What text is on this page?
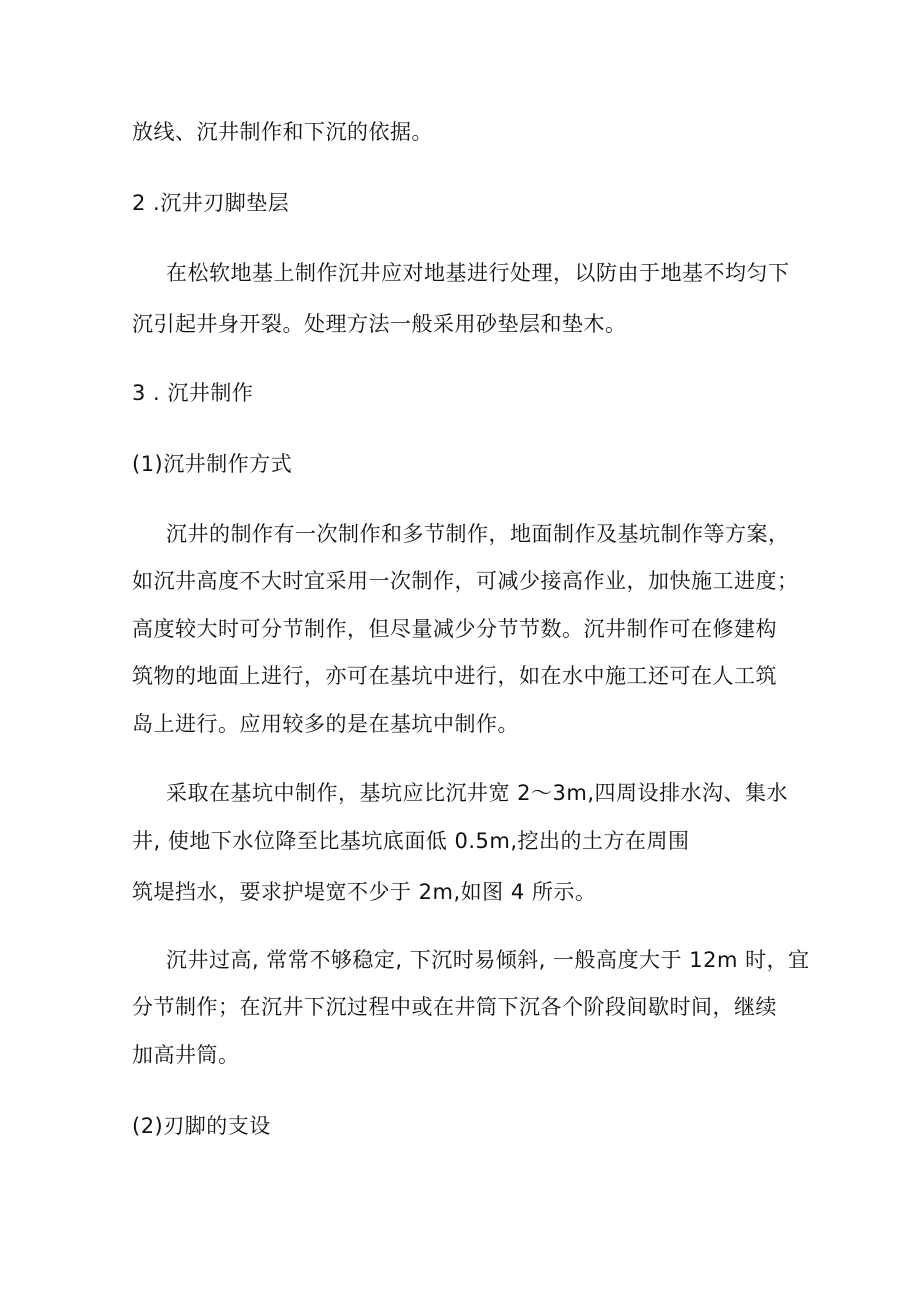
放线、沉井制作和下沉的依据。
2 .沉井刃脚垫层
在松软地基上制作沉井应对地基进行处理，以防由于地基不均匀下
沉引起井身开裂。处理方法一般采用砂垫层和垫木。
3 . 沉井制作
(1)沉井制作方式
沉井的制作有一次制作和多节制作，地面制作及基坑制作等方案，
如沉井高度不大时宜采用一次制作，可减少接高作业，加快施工进度；
高度较大时可分节制作，但尽量减少分节节数。沉井制作可在修建构
筑物的地面上进行，亦可在基坑中进行，如在水中施工还可在人工筑
岛上进行。应用较多的是在基坑中制作。
采取在基坑中制作，基坑应比沉井宽 2～3m,四周设排水沟、集水
井, 使地下水位降至比基坑底面低 0.5m,挖出的土方在周围
筑堤挡水，要求护堤宽不少于 2m,如图 4 所示。
沉井过高, 常常不够稳定, 下沉时易倾斜, 一般高度大于 12m 时，宜
分节制作；在沉井下沉过程中或在井筒下沉各个阶段间歇时间，继续
加高井筒。
(2)刃脚的支设
